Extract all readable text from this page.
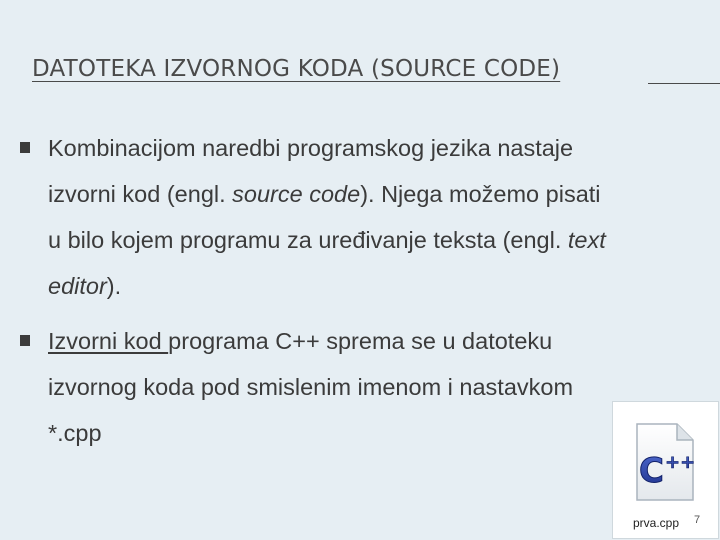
DATOTEKA IZVORNOG KODA (SOURCE CODE)
Kombinacijom naredbi programskog jezika nastaje
izvorni kod (engl. source code). Njega možemo pisati
u bilo kojem programu za uređivanje teksta (engl. text
editor).
Izvorni kod programa C++ sprema se u datoteku
izvornog koda pod smislenim imenom i nastavkom
*.cpp
C ++
prva.cpp	7
